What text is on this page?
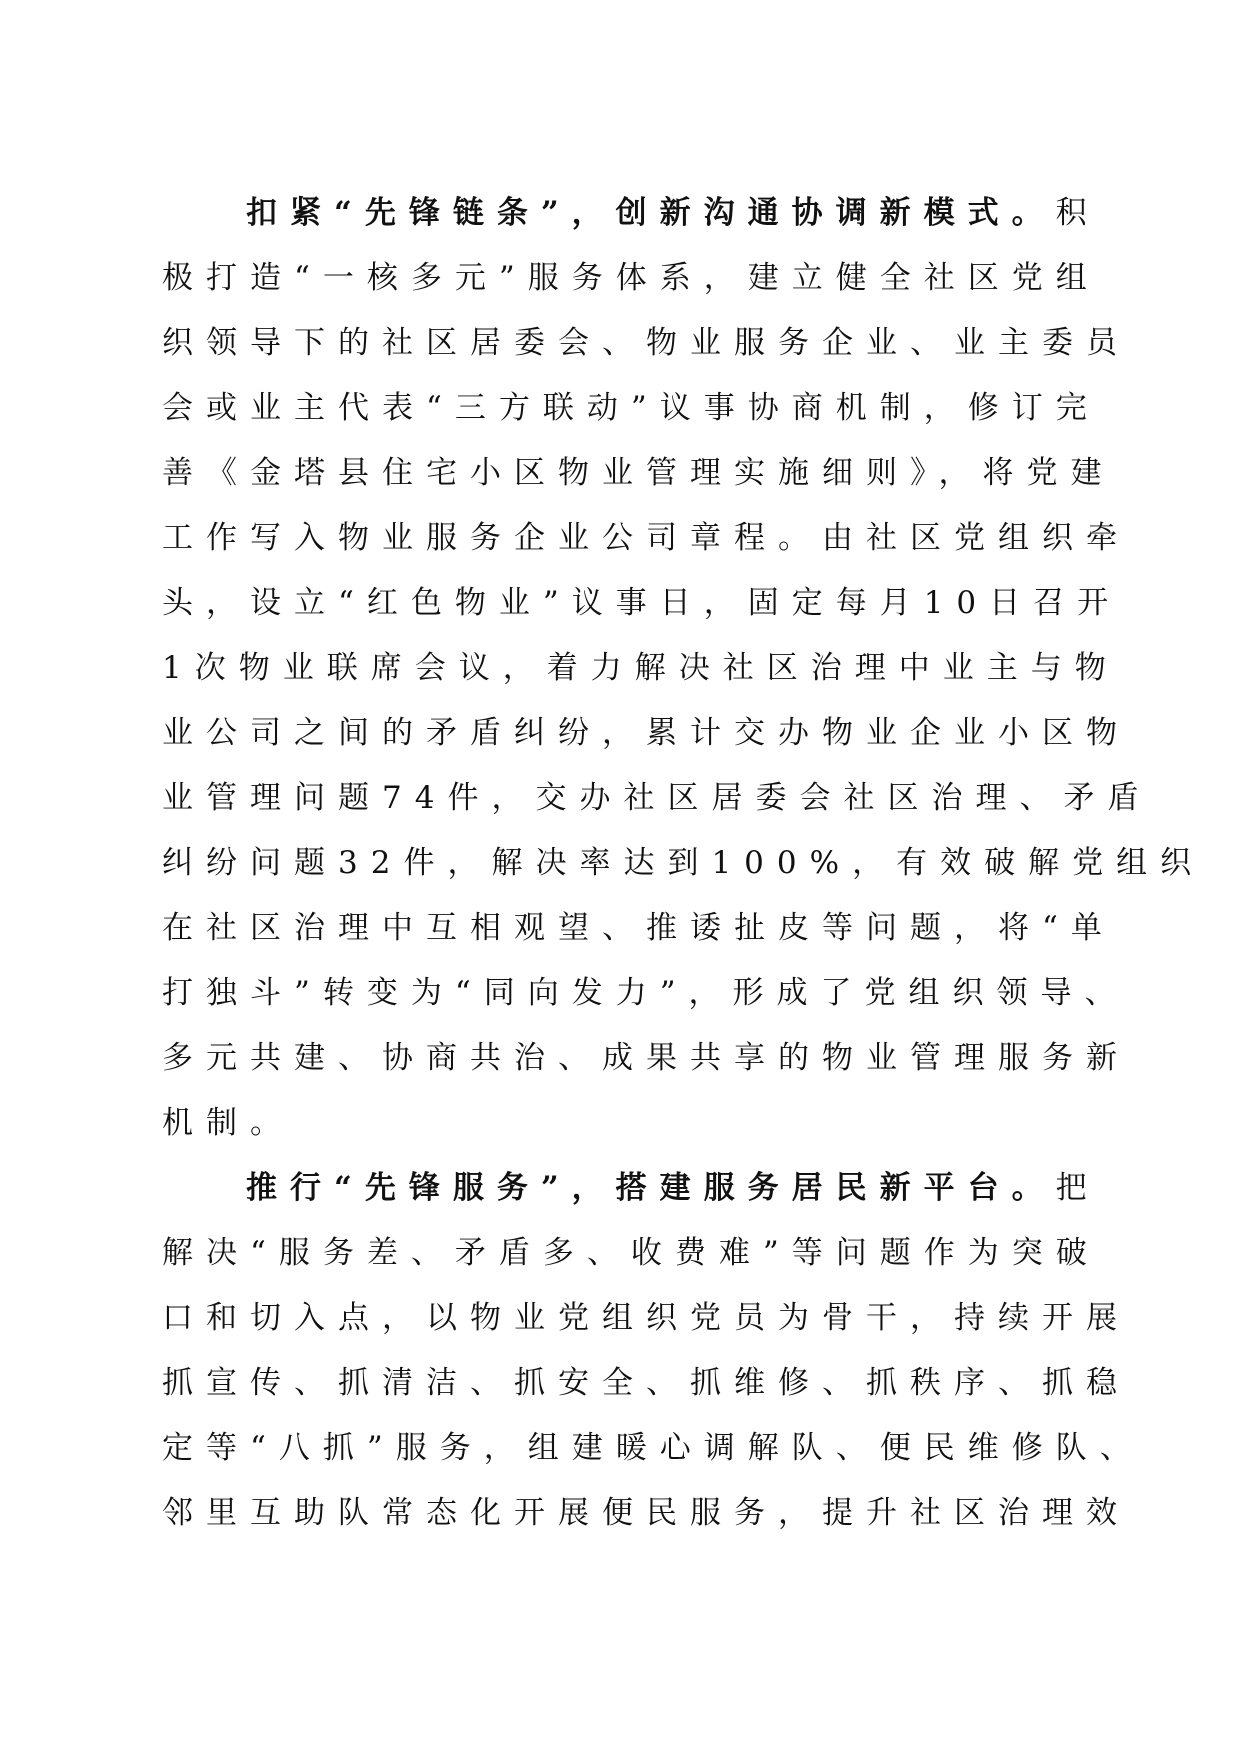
扣紧“先锋链条”，创新沟通协调新模式。积
极打造“一核多元”服务体系，建立健全社区党组
织领导下的社区居委会、物业服务企业、业主委员
会或业主代表“三方联动”议事协商机制，修订完
善《金塔县住宅小区物业管理实施细则》，将党建
工作写入物业服务企业公司章程。由社区党组织牵
头，设立“红色物业”议事日，固定每月10日召开
1次物业联席会议，着力解决社区治理中业主与物
业公司之间的矛盾纠纷，累计交办物业企业小区物
业管理问题74件，交办社区居委会社区治理、矛盾
纠纷问题32件，解决率达到100%，有效破解党组织
在社区治理中互相观望、推诿扯皮等问题，将“单
打独斗”转变为“同向发力”，形成了党组织领导、
多元共建、协商共治、成果共享的物业管理服务新
机制。
推行“先锋服务”，搭建服务居民新平台。把
解决“服务差、矛盾多、收费难”等问题作为突破
口和切入点，以物业党组织党员为骨干，持续开展
抓宣传、抓清洁、抓安全、抓维修、抓秩序、抓稳
定等“八抓”服务，组建暖心调解队、便民维修队、
邻里互助队常态化开展便民服务，提升社区治理效
